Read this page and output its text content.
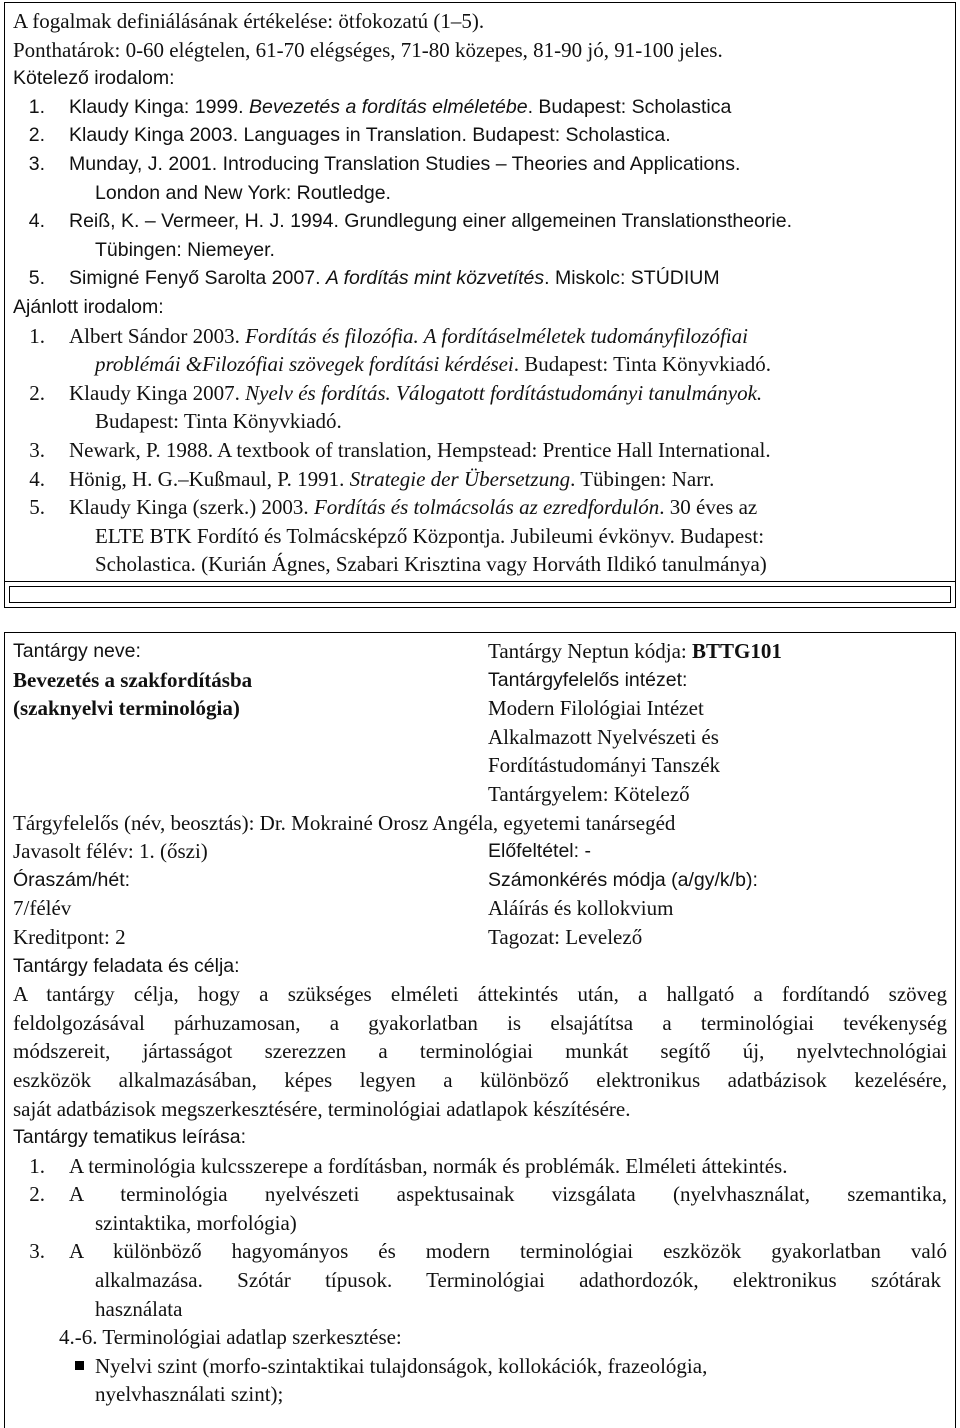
A fogalmak definiálásának értékelése: ötfokozatú (1–5).
Ponthatárok: 0-60 elégtelen, 61-70 elégséges, 71-80 közepes, 81-90 jó, 91-100 jeles.
Kötelező irodalom:
1.	Klaudy Kinga: 1999. Bevezetés a fordítás elméletébe. Budapest: Scholastica
2.	Klaudy Kinga 2003. Languages in Translation. Budapest: Scholastica.
3.	Munday, J. 2001. Introducing Translation Studies – Theories and Applications.
London and New York: Routledge.
4.	Reiß, K. – Vermeer, H. J. 1994. Grundlegung einer allgemeinen Translationstheorie.
Tübingen: Niemeyer.
5.	Simigné Fenyő Sarolta 2007. A fordítás mint közvetítés. Miskolc: STÚDIUM
Ajánlott irodalom:
1.	Albert Sándor 2003. Fordítás és filozófia. A fordításelméletek tudományfilozófiai
problémái &Filozófiai szövegek fordítási kérdései. Budapest: Tinta Könyvkiadó.
2.	Klaudy Kinga 2007. Nyelv és fordítás. Válogatott fordítástudományi tanulmányok.
Budapest: Tinta Könyvkiadó.
3.	Newark, P. 1988. A textbook of translation, Hempstead: Prentice Hall International.
4.	Hönig, H. G.–Kußmaul, P. 1991. Strategie der Übersetzung. Tübingen: Narr.
5.	Klaudy Kinga (szerk.) 2003. Fordítás és tolmácsolás az ezredfordulón. 30 éves az
ELTE BTK Fordító és Tolmácsképző Központja. Jubileumi évkönyv. Budapest:
Scholastica. (Kurián Ágnes, Szabari Krisztina vagy Horváth Ildikó tanulmánya)
Tantárgy neve:
Bevezetés a szakfordításba
(szaknyelvi terminológia)
Tantárgy Neptun kódja: BTTG101
Tantárgyfelelős intézet:
Modern Filológiai Intézet
Alkalmazott Nyelvészeti és
Fordítástudományi Tanszék
Tantárgyelem: Kötelező
Tárgyfelelős (név, beosztás): Dr. Mokrainé Orosz Angéla, egyetemi tanársegéd
Javasolt félév: 1. (őszi)	Előfeltétel: -
Óraszám/hét:
7/félév
Számonkérés módja (a/gy/k/b):
Aláírás és kollokvium
Kreditpont: 2	Tagozat: Levelező
Tantárgy feladata és célja:
A tantárgy célja, hogy a szükséges elméleti áttekintés után, a hallgató a fordítandó szöveg
feldolgozásával párhuzamosan, a gyakorlatban is elsajátítsa a terminológiai tevékenység
módszereit, jártasságot szerezzen a terminológiai munkát segítő új, nyelvtechnológiai
eszközök alkalmazásában, képes legyen a különböző elektronikus adatbázisok kezelésére,
saját adatbázisok megszerkesztésére, terminológiai adatlapok készítésére.
Tantárgy tematikus leírása:
1.	A terminológia kulcsszerepe a fordításban, normák és problémák. Elméleti áttekintés.
2.	A terminológia nyelvészeti aspektusainak vizsgálata (nyelvhasználat, szemantika,
szintaktika, morfológia)
3.	A különböző hagyományos és modern terminológiai eszközök gyakorlatban való
alkalmazása. Szótár típusok. Terminológiai adathordozók, elektronikus szótárak
használata
4.-6. Terminológiai adatlap szerkesztése:
Nyelvi szint (morfo-szintaktikai tulajdonságok, kollokációk, frazeológia,
nyelvhasználati szint);
